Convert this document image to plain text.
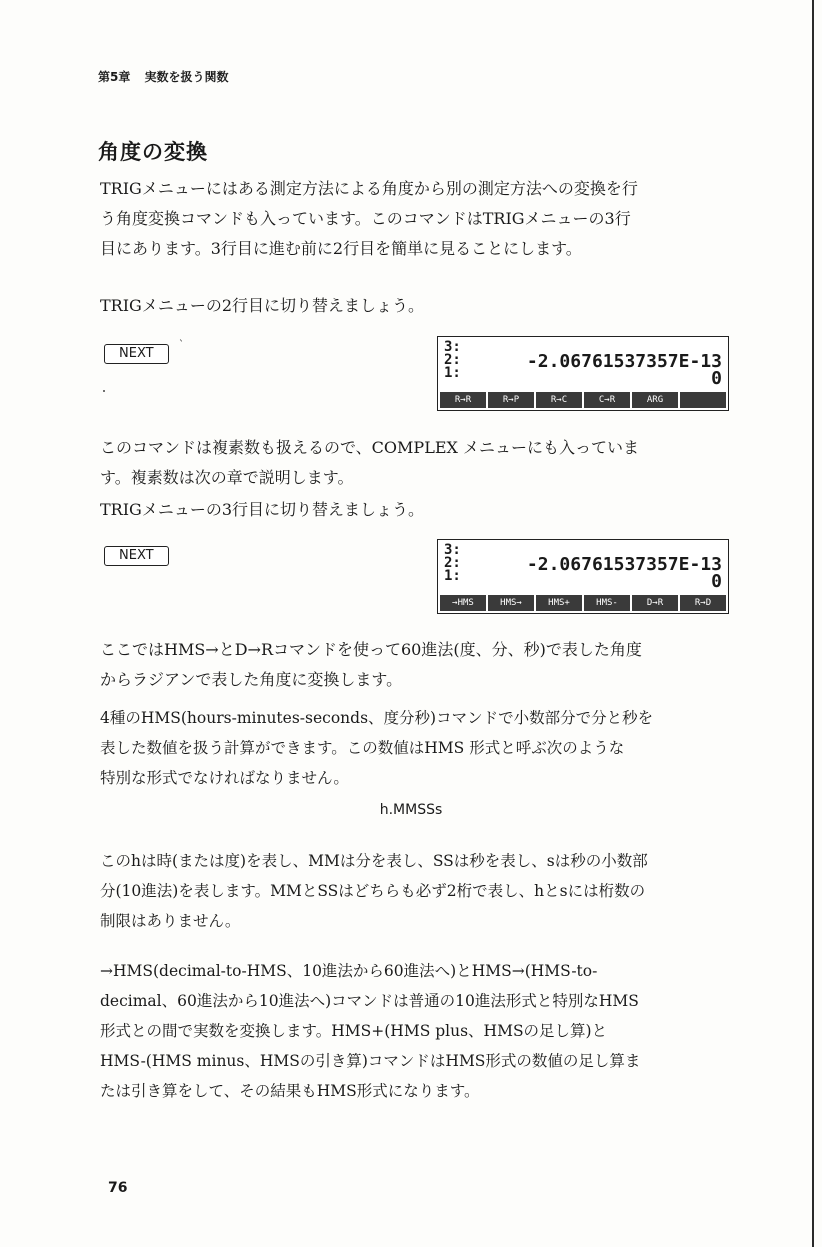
第5章 実数を扱う関数
角度の変換

TRIGメニューにはある測定方法による角度から別の測定方法への変換を行
う角度変換コマンドも入っています。このコマンドはTRIGメニューの3行
目にあります。3行目に進む前に2行目を簡単に見ることにします。

TRIGメニューの2行目に切り替えましょう。

NEXT
`	3:
2:
1:
-2.06761537357E-13
0
R→R	R→P	R→C	C→R	ARG

このコマンドは複素数も扱えるので、COMPLEX メニューにも入っていま
す。複素数は次の章で説明します。

TRIGメニューの3行目に切り替えましょう。

NEXT	3:
2:
1:
-2.06761537357E-13
0
→HMS	HMS→	HMS+	HMS-	D→R	R→D

ここではHMS→とD→Rコマンドを使って60進法(度、分、秒)で表した角度
からラジアンで表した角度に変換します。

4種のHMS(hours-minutes-seconds、度分秒)コマンドで小数部分で分と秒を
表した数値を扱う計算ができます。この数値はHMS 形式と呼ぶ次のような
特別な形式でなければなりません。

h.MMSSs

このhは時(または度)を表し、MMは分を表し、SSは秒を表し、sは秒の小数部
分(10進法)を表します。MMとSSはどちらも必ず2桁で表し、hとsには桁数の
制限はありません。

→HMS(decimal-to-HMS、10進法から60進法へ)とHMS→(HMS-to-
decimal、60進法から10進法へ)コマンドは普通の10進法形式と特別なHMS
形式との間で実数を変換します。HMS+(HMS plus、HMSの足し算)と
HMS-(HMS minus、HMSの引き算)コマンドはHMS形式の数値の足し算ま
たは引き算をして、その結果もHMS形式になります。

76
